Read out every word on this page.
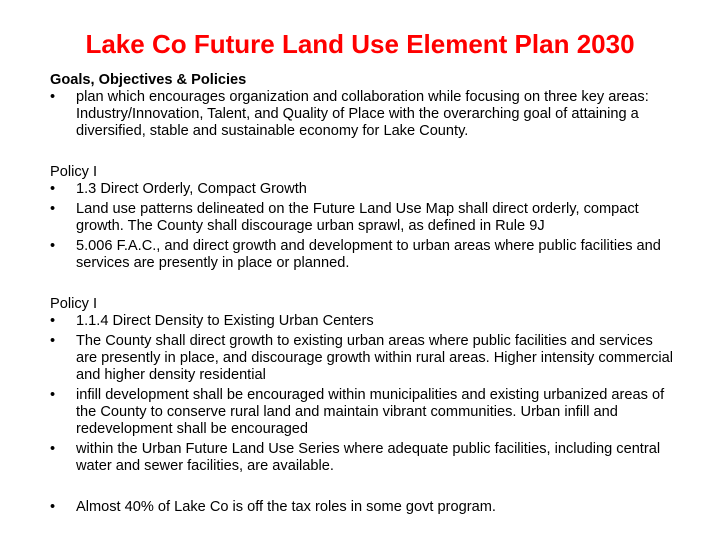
Lake Co Future Land Use Element Plan 2030

Goals, Objectives & Policies

• plan which encourages organization and collaboration while focusing on three key areas: Industry/Innovation, Talent, and Quality of Place with the overarching goal of attaining a diversified, stable and sustainable economy for Lake County.

Policy I

• 1.3 Direct Orderly, Compact Growth
• Land use patterns delineated on the Future Land Use Map shall direct orderly, compact growth. The County shall discourage urban sprawl, as defined in Rule 9J
• 5.006 F.A.C., and direct growth and development to urban areas where public facilities and services are presently in place or planned.

Policy I

• 1.1.4 Direct Density to Existing Urban Centers
• The County shall direct growth to existing urban areas where public facilities and services are presently in place, and discourage growth within rural areas. Higher intensity commercial and higher density residential
• infill development shall be encouraged within municipalities and existing urbanized areas of the County to conserve rural land and maintain vibrant communities. Urban infill and redevelopment shall be encouraged
• within the Urban Future Land Use Series where adequate public facilities, including central water and sewer facilities, are available.
• Almost 40% of Lake Co is off the tax roles in some govt program.
